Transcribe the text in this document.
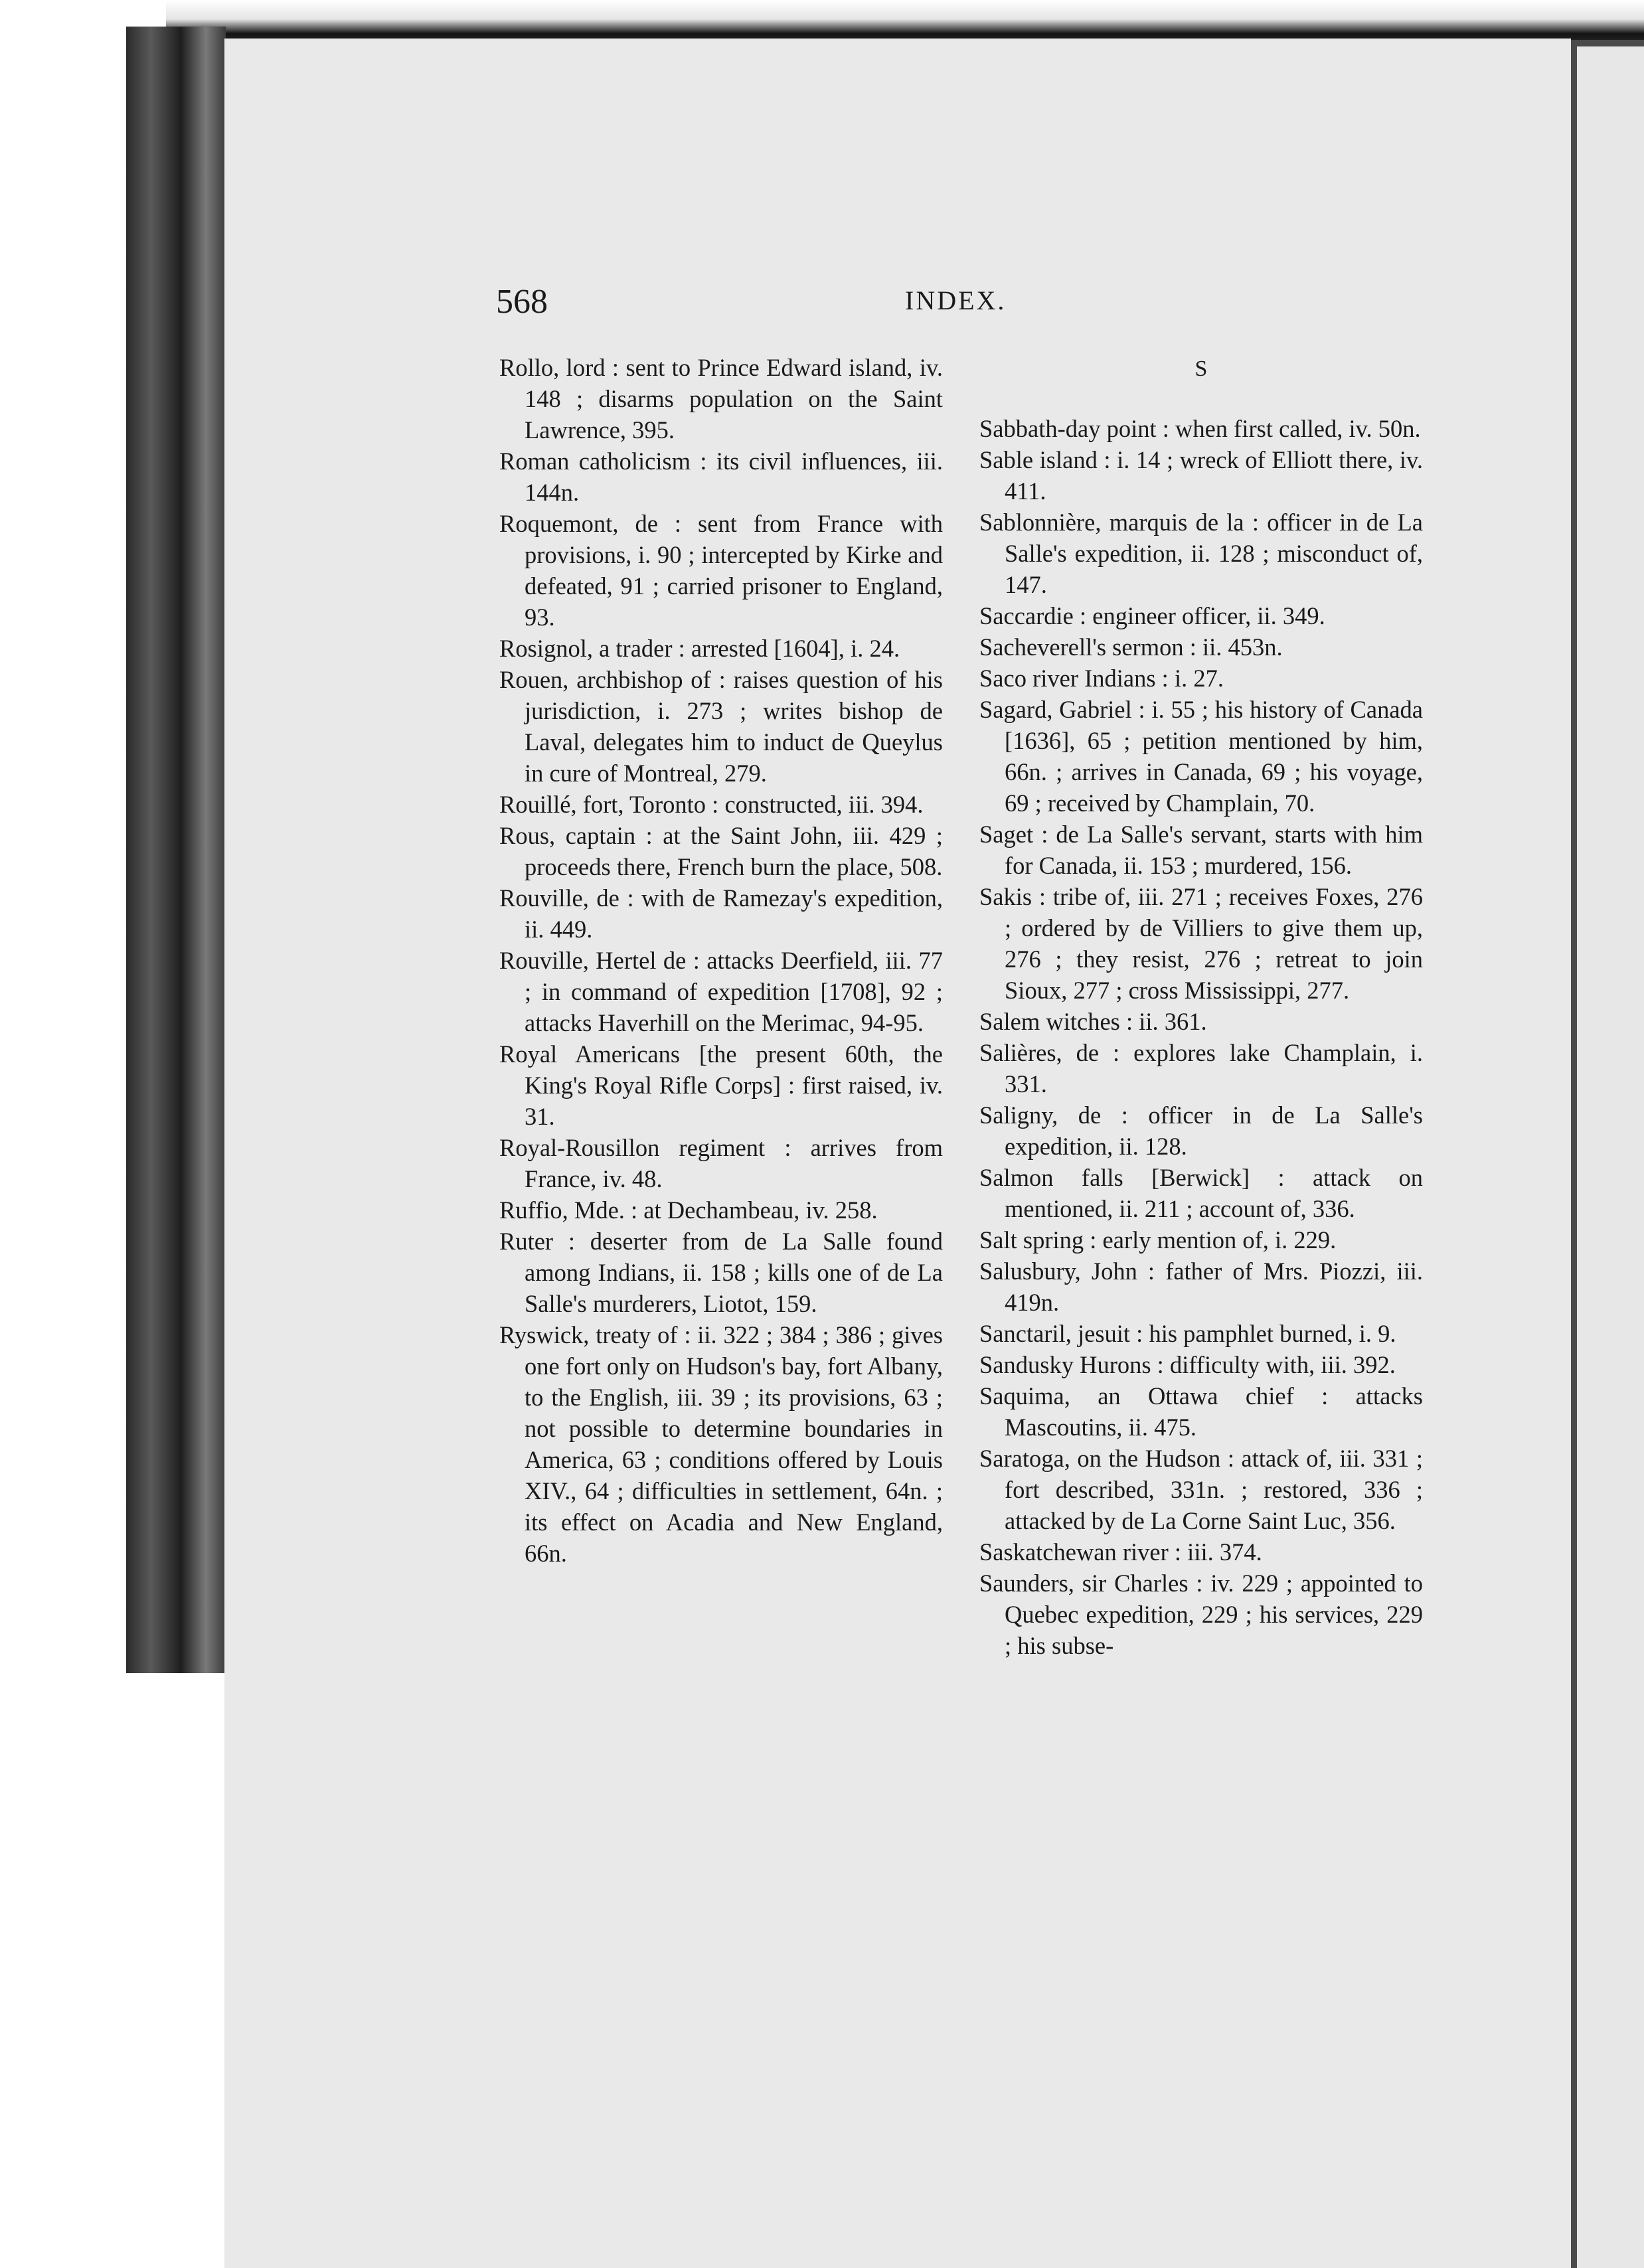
568	INDEX.
Rollo, lord : sent to Prince Edward island, iv. 148 ; disarms population on the Saint Lawrence, 395.
Roman catholicism : its civil influences, iii. 144n.
Roquemont, de : sent from France with provisions, i. 90 ; intercepted by Kirke and defeated, 91 ; carried prisoner to England, 93.
Rosignol, a trader : arrested [1604], i. 24.
Rouen, archbishop of : raises question of his jurisdiction, i. 273 ; writes bishop de Laval, delegates him to induct de Queylus in cure of Montreal, 279.
Rouillé, fort, Toronto : constructed, iii. 394.
Rous, captain : at the Saint John, iii. 429 ; proceeds there, French burn the place, 508.
Rouville, de : with de Ramezay's expedition, ii. 449.
Rouville, Hertel de : attacks Deerfield, iii. 77 ; in command of expedition [1708], 92 ; attacks Haverhill on the Merimac, 94-95.
Royal Americans [the present 60th, the King's Royal Rifle Corps] : first raised, iv. 31.
Royal-Rousillon regiment : arrives from France, iv. 48.
Ruffio, Mde. : at Dechambeau, iv. 258.
Ruter : deserter from de La Salle found among Indians, ii. 158 ; kills one of de La Salle's murderers, Liotot, 159.
Ryswick, treaty of : ii. 322 ; 384 ; 386 ; gives one fort only on Hudson's bay, fort Albany, to the English, iii. 39 ; its provisions, 63 ; not possible to determine boundaries in America, 63 ; conditions offered by Louis XIV., 64 ; difficulties in settlement, 64n. ; its effect on Acadia and New England, 66n.
S
Sabbath-day point : when first called, iv. 50n.
Sable island : i. 14 ; wreck of Elliott there, iv. 411.
Sablonnière, marquis de la : officer in de La Salle's expedition, ii. 128 ; misconduct of, 147.
Saccardie : engineer officer, ii. 349.
Sacheverell's sermon : ii. 453n.
Saco river Indians : i. 27.
Sagard, Gabriel : i. 55 ; his history of Canada [1636], 65 ; petition mentioned by him, 66n. ; arrives in Canada, 69 ; his voyage, 69 ; received by Champlain, 70.
Saget : de La Salle's servant, starts with him for Canada, ii. 153 ; murdered, 156.
Sakis : tribe of, iii. 271 ; receives Foxes, 276 ; ordered by de Villiers to give them up, 276 ; they resist, 276 ; retreat to join Sioux, 277 ; cross Mississippi, 277.
Salem witches : ii. 361.
Salières, de : explores lake Champlain, i. 331.
Saligny, de : officer in de La Salle's expedition, ii. 128.
Salmon falls [Berwick] : attack on mentioned, ii. 211 ; account of, 336.
Salt spring : early mention of, i. 229.
Salusbury, John : father of Mrs. Piozzi, iii. 419n.
Sanctaril, jesuit : his pamphlet burned, i. 9.
Sandusky Hurons : difficulty with, iii. 392.
Saquima, an Ottawa chief : attacks Mascoutins, ii. 475.
Saratoga, on the Hudson : attack of, iii. 331 ; fort described, 331n. ; restored, 336 ; attacked by de La Corne Saint Luc, 356.
Saskatchewan river : iii. 374.
Saunders, sir Charles : iv. 229 ; appointed to Quebec expedition, 229 ; his services, 229 ; his subse-
